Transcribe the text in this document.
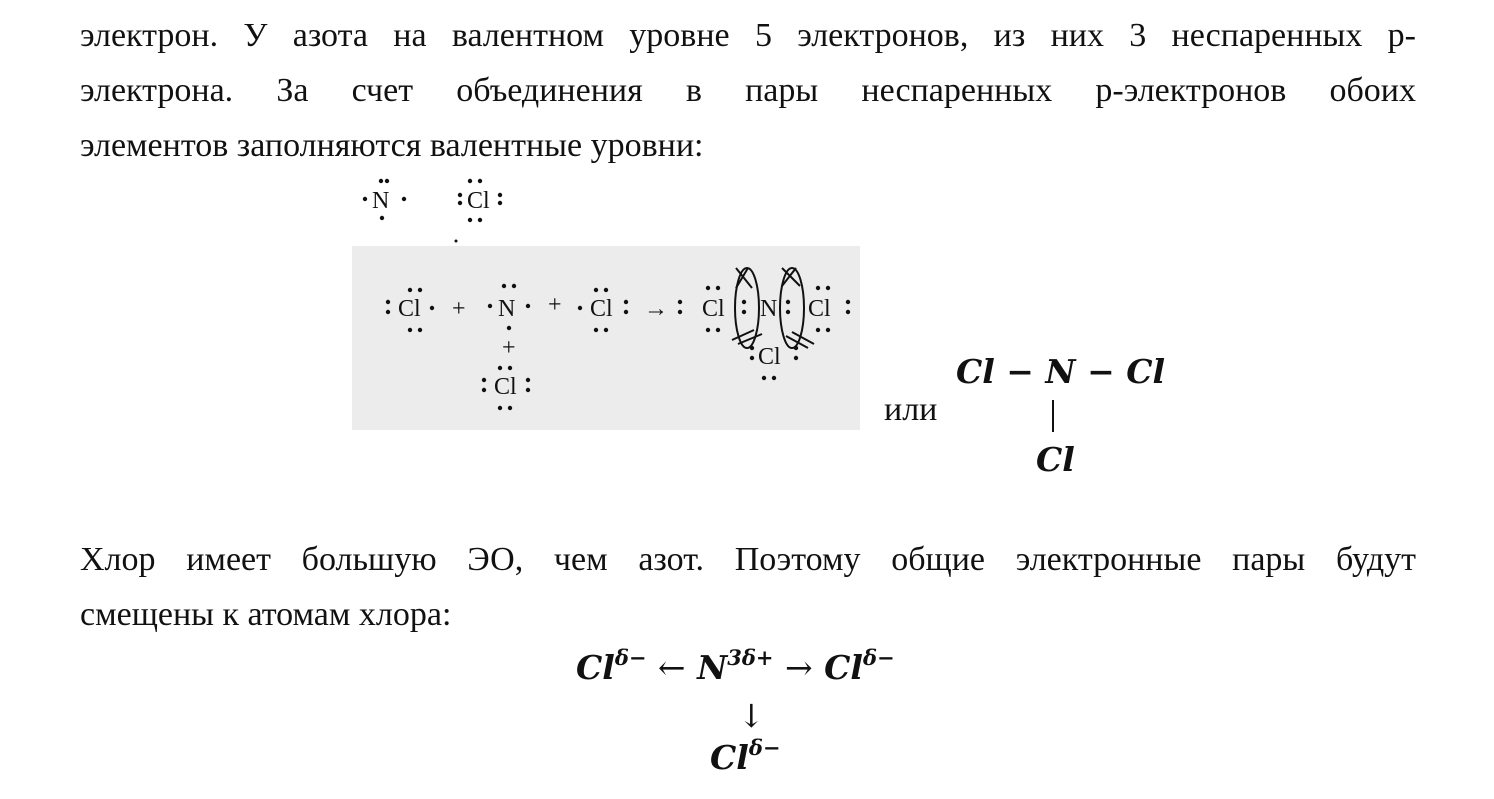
электрон. У азота на валентном уровне 5 электронов, из них 3 неспаренных р-
электрона. За счет объединения в пары неспаренных р-электронов обоих
элементов заполняются валентные уровни:
N	Cl
Cl + N + Cl →
+
Cl
Cl N Cl
Cl
или
Cl − N − Cl
Cl
Хлор имеет большую ЭО, чем азот. Поэтому общие электронные пары будут
смещены к атомам хлора:
$Cl^{\delta-}$ ← $N^{3\delta+} \to Cl^{\delta-}$
↓
$Cl^{\delta-}$
